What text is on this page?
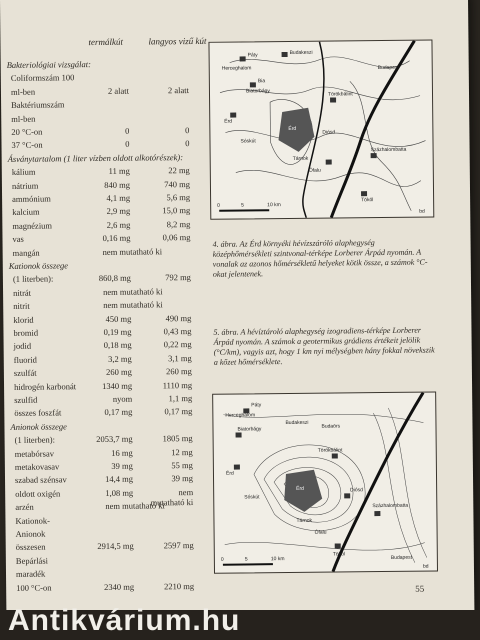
termálkút	langyos vizű kút
Bakteriológiai vizsgálat:
Coliformszám 100
ml-ben	2 alatt	2 alatt
Baktériumszám
ml-ben
20 °C-on	0	0
37 °C-on	0	0
Ásványtartalom (1 liter vízben oldott alkotórészek):
kálium	11 mg	22 mg
nátrium	840 mg	740 mg
ammónium	4,1 mg	5,6 mg
kalcium	2,9 mg	15,0 mg
magnézium	2,6 mg	8,2 mg
vas	0,16 mg	0,06 mg
mangán	nem mutatható ki
Kationok összege
(1 literben):	860,8 mg	792 mg
nitrát	nem mutatható ki
nitrit	nem mutatható ki
klorid	450 mg	490 mg
bromid	0,19 mg	0,43 mg
jodid	0,18 mg	0,22 mg
fluorid	3,2 mg	3,1 mg
szulfát	260 mg	260 mg
hidrogén karbonát	1340 mg	1110 mg
szulfid	nyom	1,1 mg
összes foszfát	0,17 mg	0,17 mg
Anionok összege
(1 literben):	2053,7 mg	1805 mg
metabórsav	16 mg	12 mg
metakovasav	39 mg	55 mg
szabad szénsav	14,4 mg	39 mg
oldott oxigén	1,08 mg	nem mutatható ki
arzén	nem mutatható ki
Kationok-
Anionok
összesen	2914,5 mg	2597 mg
Bepárlási
maradék
100 °C-on	2340 mg	2210 mg
Páty
Herceghalom
Budakeszi
Bia
Biatorbágy
Érd
Sóskút
Törökbálint
Diósd
Tárnok
Érd
Ófalu
Százhalombatta
Tököl
Budapest
0	5	10 km
bd
4. ábra. Az Érd környéki hévízszáróló alaphegység középhőmérsékleti szintvonal-térképe Lorberer Árpád nyomán. A vonalak az azonos hőmérsékletű helyeket kötik össze, a számok °C-okat jelentenek.
5. ábra. A hévíztároló alaphegység izogradiens-térképe Lorberer Árpád nyomán. A számok a geotermikus grádiens értékeit jelölik (°C/km), vagyis azt, hogy 1 km nyi mélységben hány fokkal növekszik a kőzet hőmérséklete.
Páty
Herceghalom
Biatorbágy
Budakeszi
Budaörs
Érd
Sóskút
Törökbálint
Diósd
Tárnok
Érd
Ófalu
Százhalombatta
Tököl
Budapest
0	5	10 km
bd
55
Antikvárium.hu
